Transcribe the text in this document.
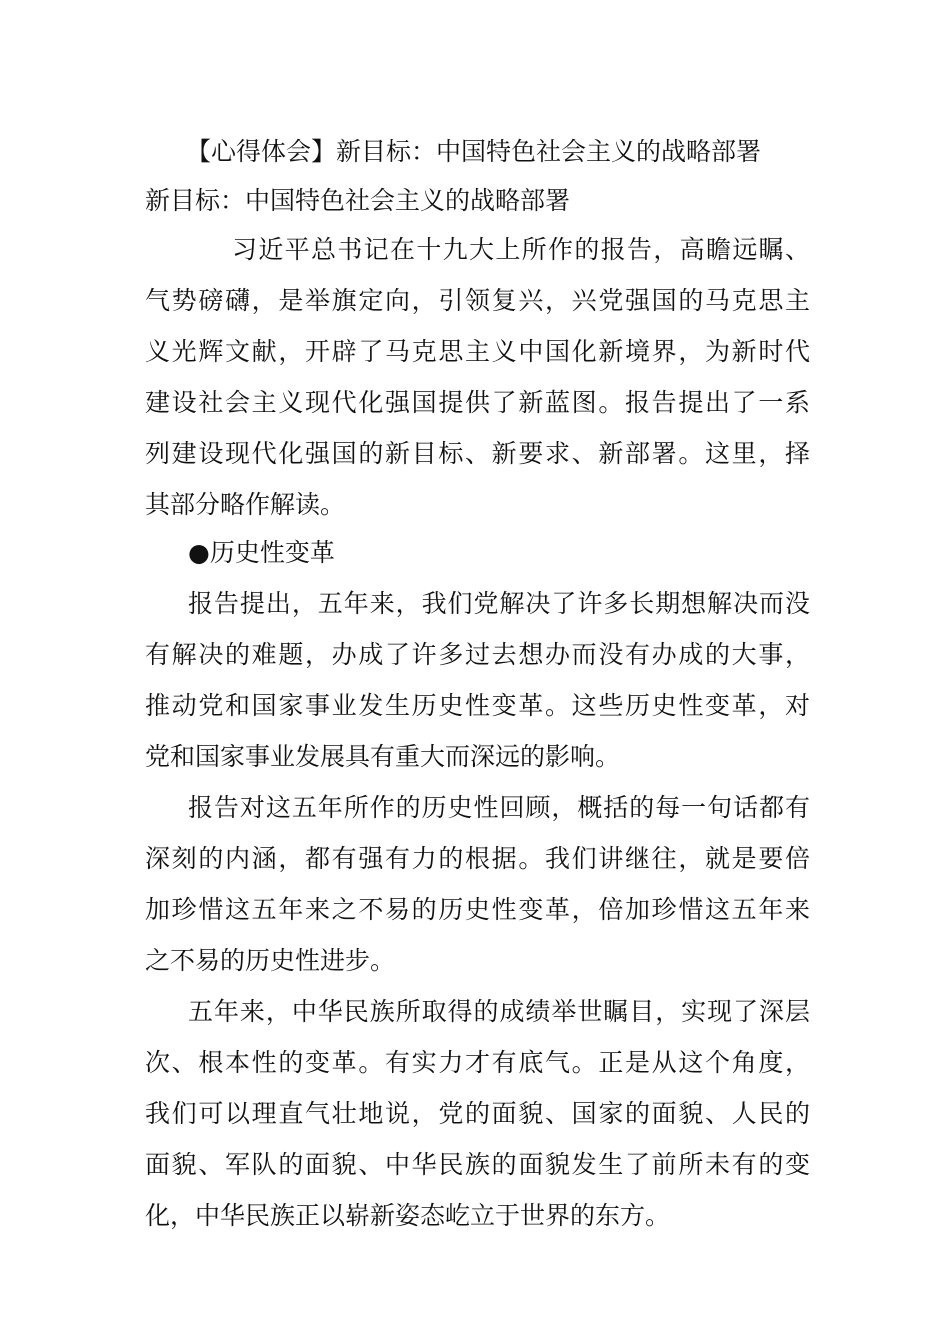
【心得体会】新目标：中国特色社会主义的战略部署
新目标：中国特色社会主义的战略部署
习近平总书记在十九大上所作的报告，高瞻远瞩、
气势磅礴，是举旗定向，引领复兴，兴党强国的马克思主
义光辉文献，开辟了马克思主义中国化新境界，为新时代
建设社会主义现代化强国提供了新蓝图。报告提出了一系
列建设现代化强国的新目标、新要求、新部署。这里，择
其部分略作解读。
●历史性变革
报告提出，五年来，我们党解决了许多长期想解决而没
有解决的难题，办成了许多过去想办而没有办成的大事，
推动党和国家事业发生历史性变革。这些历史性变革，对
党和国家事业发展具有重大而深远的影响。
报告对这五年所作的历史性回顾，概括的每一句话都有
深刻的内涵，都有强有力的根据。我们讲继往，就是要倍
加珍惜这五年来之不易的历史性变革，倍加珍惜这五年来
之不易的历史性进步。
五年来，中华民族所取得的成绩举世瞩目，实现了深层
次、根本性的变革。有实力才有底气。正是从这个角度，
我们可以理直气壮地说，党的面貌、国家的面貌、人民的
面貌、军队的面貌、中华民族的面貌发生了前所未有的变
化，中华民族正以崭新姿态屹立于世界的东方。
